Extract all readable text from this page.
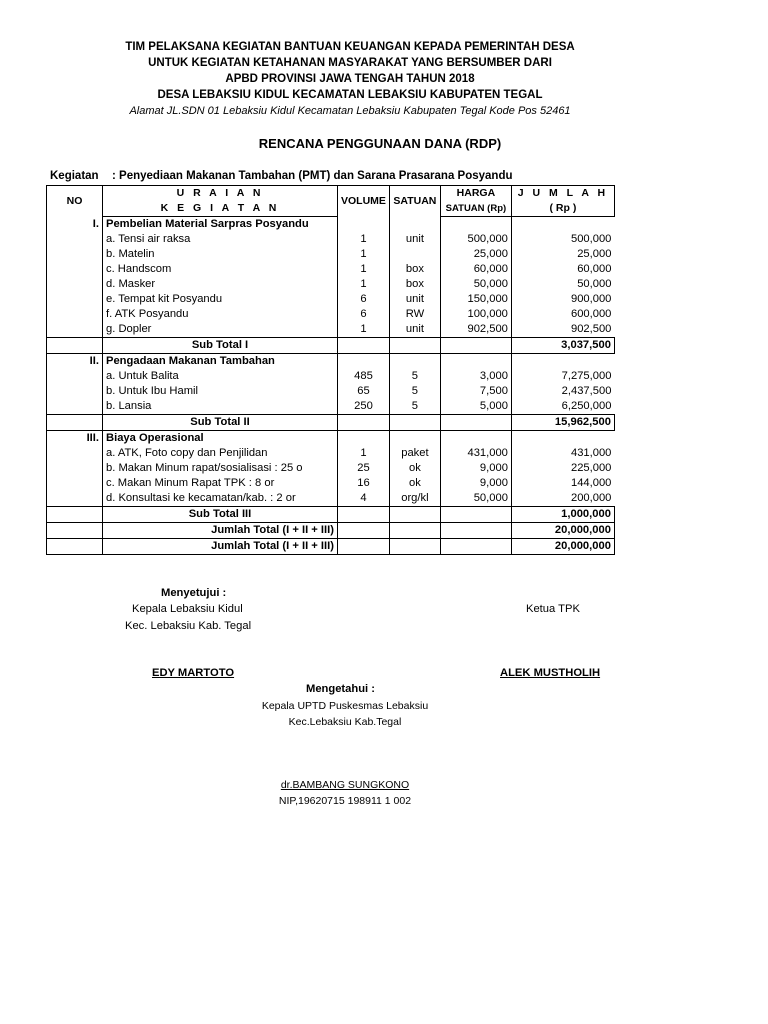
TIM PELAKSANA KEGIATAN BANTUAN KEUANGAN KEPADA PEMERINTAH DESA
UNTUK KEGIATAN KETAHANAN MASYARAKAT YANG BERSUMBER DARI
APBD PROVINSI JAWA TENGAH TAHUN 2018
DESA LEBAKSIU KIDUL KECAMATAN LEBAKSIU KABUPATEN TEGAL
Alamat JL.SDN 01 Lebaksiu Kidul Kecamatan Lebaksiu Kabupaten Tegal Kode Pos 52461
RENCANA PENGGUNAAN DANA (RDP)
Kegiatan : Penyediaan Makanan Tambahan (PMT) dan Sarana Prasarana Posyandu
NO	U R A I A N	VOLUME	SATUAN	HARGA	J U M L A H
	K E G I A T A N			SATUAN (Rp)	( Rp )
I.	Pembelian Material Sarpras Posyandu				
	a. Tensi air raksa	1	unit	500,000	500,000
	b. Matelin	1		25,000	25,000
	c. Handscom	1	box	60,000	60,000
	d. Masker	1	box	50,000	50,000
	e. Tempat kit Posyandu	6	unit	150,000	900,000
	f. ATK Posyandu	6	RW	100,000	600,000
	g. Dopler	1	unit	902,500	902,500
	Sub Total I				3,037,500
II.	Pengadaan Makanan Tambahan				
	a. Untuk Balita	485	5	3,000	7,275,000
	b. Untuk Ibu Hamil	65	5	7,500	2,437,500
	b. Lansia	250	5	5,000	6,250,000
	Sub Total II				15,962,500
III.	Biaya Operasional				
	a. ATK, Foto copy dan Penjilidan	1	paket	431,000	431,000
	b. Makan Minum rapat/sosialisasi : 25 o	25	ok	9,000	225,000
	c. Makan Minum Rapat TPK : 8 or	16	ok	9,000	144,000
	d. Konsultasi ke kecamatan/kab. : 2 or	4	org/kl	50,000	200,000
	Sub Total III				1,000,000
	Jumlah Total (I + II + III)				20,000,000
	Jumlah Total (I + II + III)				20,000,000
Menyetujui :
Kepala Lebaksiu Kidul
Kec. Lebaksiu Kab. Tegal
Ketua TPK
EDY MARTOTO	ALEK MUSTHOLIH
Mengetahui :
Kepala UPTD Puskesmas Lebaksiu
Kec.Lebaksiu Kab.Tegal
dr.BAMBANG SUNGKONO
NIP,19620715 198911 1 002
